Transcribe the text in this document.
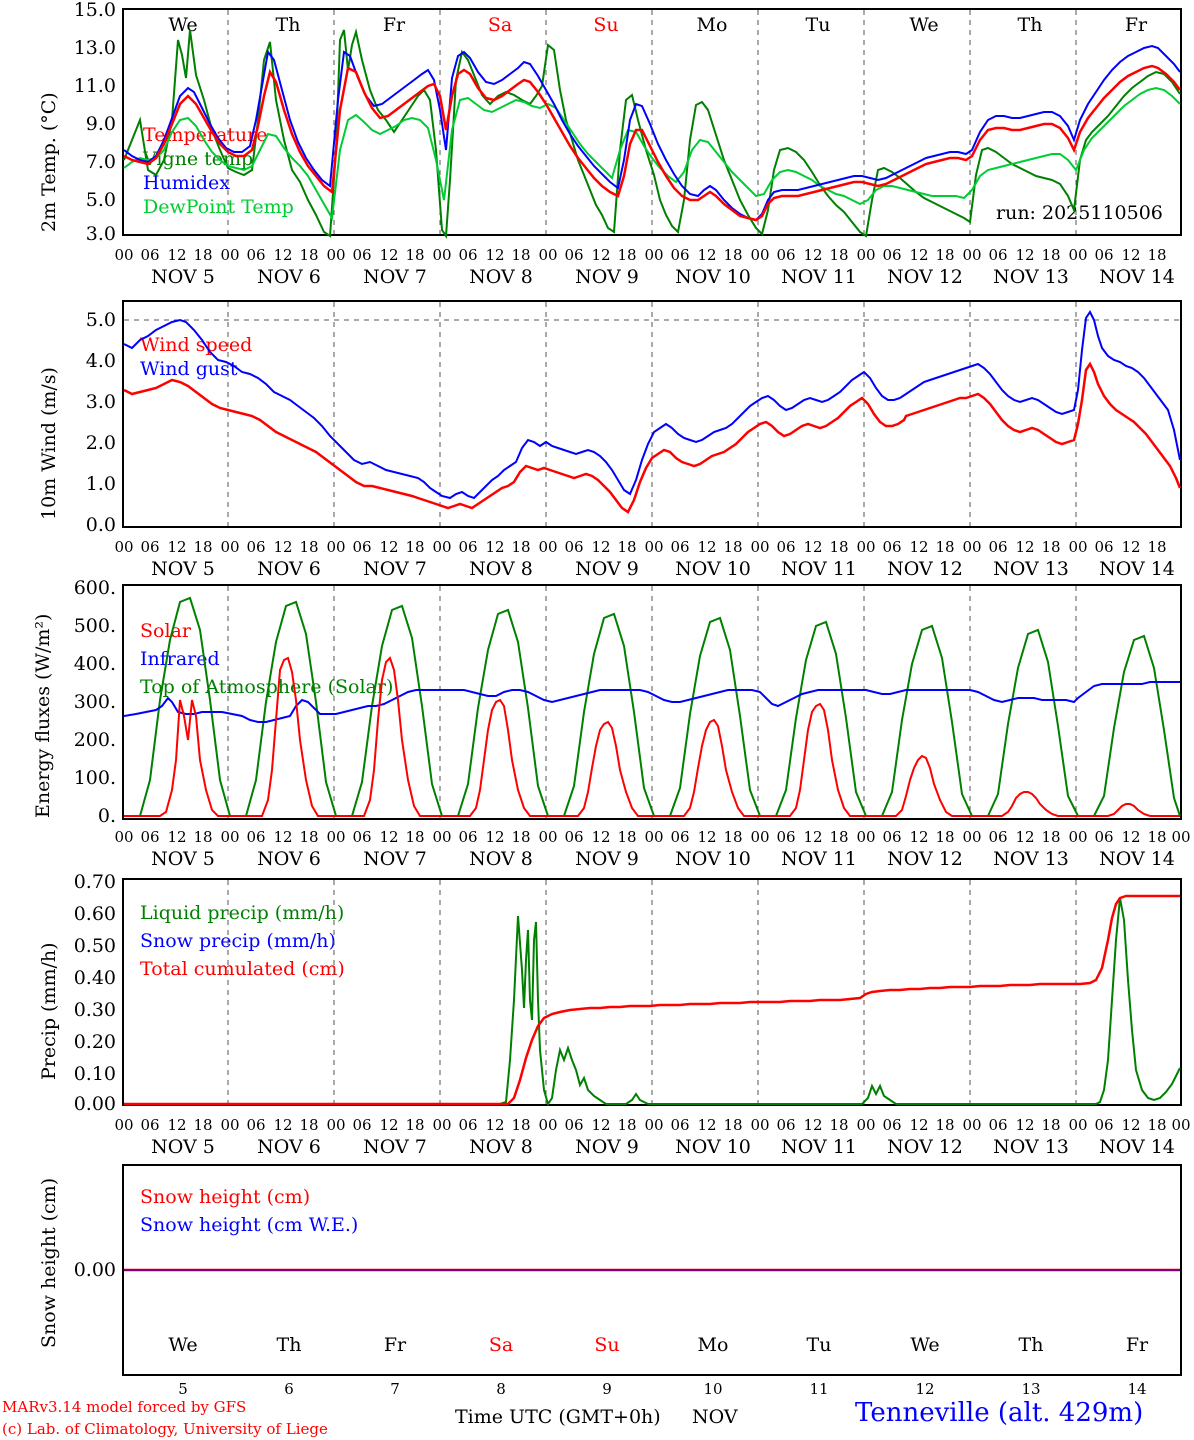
2m Temp. (°C)
15.0
13.0
11.0
9.0
7.0
5.0
3.0
We	Th	Fr	Sa	Su	Mo	Tu	We	Th	Fr
Temperature
Vigne temp
Humidex
DewPoint Temp	run: 2025110506
00 06 12 18 00 06 12 18 00 06 12 18 00 06 12 18 00 06 12 18 00 06 12 18 00 06 12 18 00 06 12 18 00 06 12 18 00 06 12 18
NOV 5 NOV 6 NOV 7 NOV 8 NOV 9 NOV 10 NOV 11 NOV 12 NOV 13 NOV 14
10m Wind (m/s)
5.0
4.0
3.0
2.0
1.0
0.0
Wind speed
Wind gust
00 06 12 18 00 06 12 18 00 06 12 18 00 06 12 18 00 06 12 18 00 06 12 18 00 06 12 18 00 06 12 18 00 06 12 18 00 06 12 18
NOV 5 NOV 6 NOV 7 NOV 8 NOV 9 NOV 10 NOV 11 NOV 12 NOV 13 NOV 14
Energy fluxes (W/m²)
600.
500.
400.
300.
200.
100.
0.
Solar
Infrared
Top of Atmosphere (Solar)
00 06 12 18 00 06 12 18 00 06 12 18 00 06 12 18 00 06 12 18 00 06 12 18 00 06 12 18 00 06 12 18 00 06 12 18 00 06 12 18 00
NOV 5 NOV 6 NOV 7 NOV 8 NOV 9 NOV 10 NOV 11 NOV 12 NOV 13 NOV 14
Precip (mm/h)
0.70
0.60
0.50
0.40
0.30
0.20
0.10
0.00
Liquid precip (mm/h)
Snow precip (mm/h)
Total cumulated (cm)
00 06 12 18 00 06 12 18 00 06 12 18 00 06 12 18 00 06 12 18 00 06 12 18 00 06 12 18 00 06 12 18 00 06 12 18 00 06 12 18 00
NOV 5 NOV 6 NOV 7 NOV 8 NOV 9 NOV 10 NOV 11 NOV 12 NOV 13 NOV 14
Snow height (cm) 0.00
Snow height (cm)
Snow height (cm W.E.)
We	Th	Fr	Sa	Su	Mo	Tu	We	Th	Fr
5	6	7	8	9	10	11	12	13	14
Time UTC (GMT+0h) NOV
MARv3.14 model forced by GFS
(c) Lab. of Climatology, University of Liege
Tenneville (alt. 429m)
